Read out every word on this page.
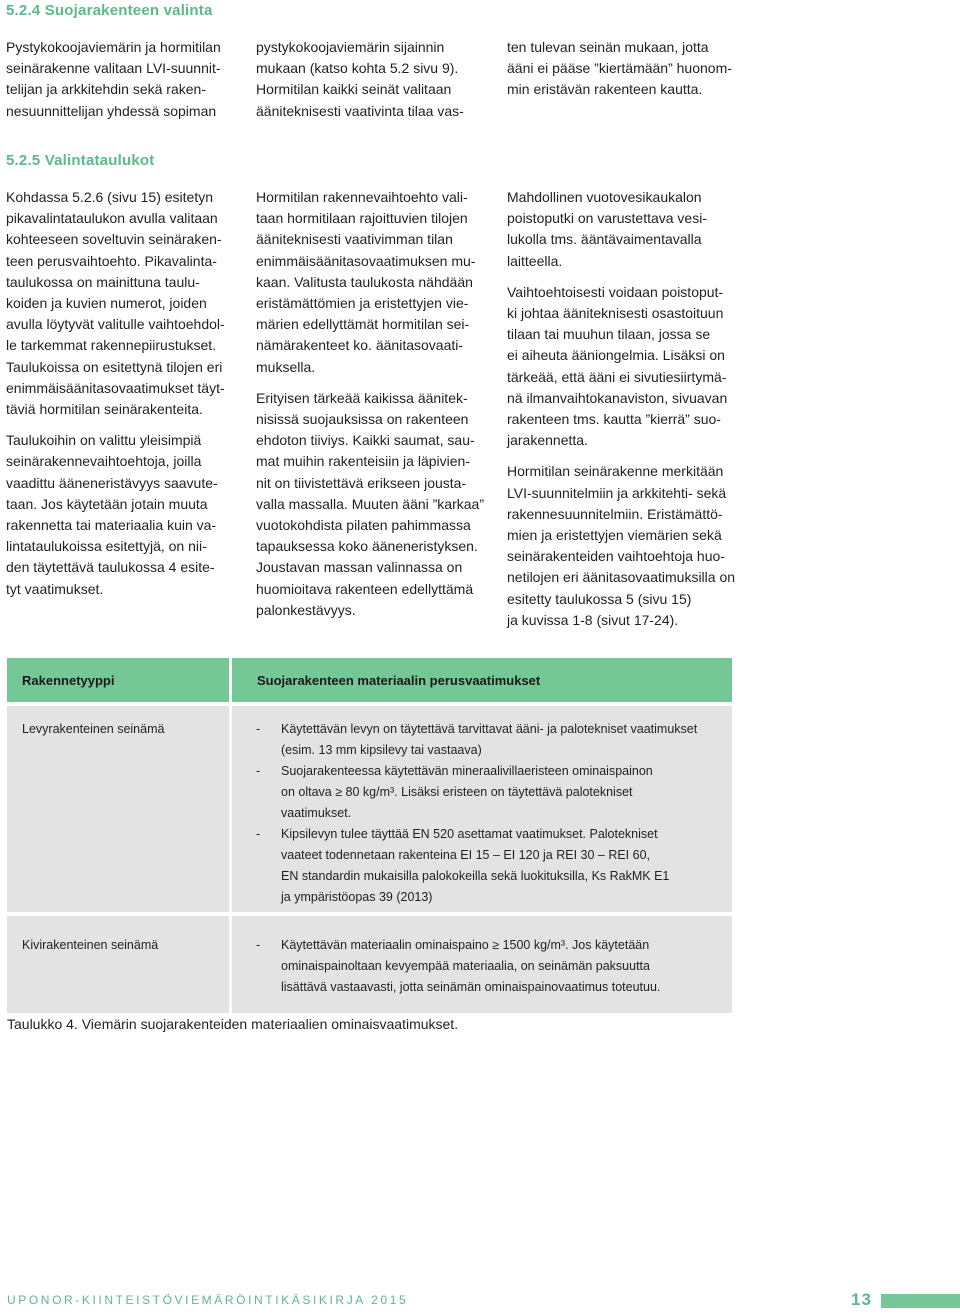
5.2.4 Suojarakenteen valinta

Pystykokoojaviemärin ja hormitilan
seinärakenne valitaan LVI-suunnit-
telijan ja arkkitehdin sekä raken-
nesuunnittelijan yhdessä sopiman

pystykokoojaviemärin sijainnin
mukaan (katso kohta 5.2 sivu 9).
Hormitilan kaikki seinät valitaan
ääniteknisesti vaativinta tilaa vas-

ten tulevan seinän mukaan, jotta
ääni ei pääse ”kiertämään” huonom-
min eristävän rakenteen kautta.

5.2.5 Valintataulukot

Kohdassa 5.2.6 (sivu 15) esitetyn
pikavalintataulukon avulla valitaan
kohteeseen soveltuvin seinäraken-
teen perusvaihtoehto. Pikavalinta-
taulukossa on mainittuna taulu-
koiden ja kuvien numerot, joiden
avulla löytyvät valitulle vaihtoehdol-
le tarkemmat rakennepiirustukset.
Taulukoissa on esitettynä tilojen eri
enimmäisäänitasovaatimukset täyt-
täviä hormitilan seinärakenteita.

Taulukoihin on valittu yleisimpiä
seinärakennevaihtoehtoja, joilla
vaadittu ääneneristävyys saavute-
taan. Jos käytetään jotain muuta
rakennetta tai materiaalia kuin va-
lintataulukoissa esitettyjä, on nii-
den täytettävä taulukossa 4 esite-
tyt vaatimukset.

Hormitilan rakennevaihtoehto vali-
taan hormitilaan rajoittuvien tilojen
ääniteknisesti vaativimman tilan
enimmäisäänitasovaatimuksen mu-
kaan. Valitusta taulukosta nähdään
eristämättömien ja eristettyjen vie-
märien edellyttämät hormitilan sei-
nämärakenteet ko. äänitasovaati-
muksella.

Erityisen tärkeää kaikissa äänitek-
nisissä suojauksissa on rakenteen
ehdoton tiiviys. Kaikki saumat, sau-
mat muihin rakenteisiin ja läpivien-
nit on tiivistettävä erikseen jousta-
valla massalla. Muuten ääni ”karkaa”
vuotokohdista pilaten pahimmassa
tapauksessa koko ääneneristyksen.
Joustavan massan valinnassa on
huomioitava rakenteen edellyttämä
palonkestävyys.

Mahdollinen vuotovesikaukalon
poistoputki on varustettava vesi-
lukolla tms. ääntävaimentavalla
laitteella.

Vaihtoehtoisesti voidaan poistoput-
ki johtaa ääniteknisesti osastoituun
tilaan tai muuhun tilaan, jossa se
ei aiheuta ääniongelmia. Lisäksi on
tärkeää, että ääni ei sivutiesiirtymä-
nä ilmanvaihtokanaviston, sivuavan
rakenteen tms. kautta ”kierrä” suo-
jarakennetta.

Hormitilan seinärakenne merkitään
LVI-suunnitelmiin ja arkkitehti- sekä
rakennesuunnitelmiin. Eristämättö-
mien ja eristettyjen viemärien sekä
seinärakenteiden vaihtoehtoja huo-
netilojen eri äänitasovaatimuksilla on
esitetty taulukossa 5 (sivu 15)
ja kuvissa 1-8 (sivut 17-24).

Rakennetyyppi	Suojarakenteen materiaalin perusvaatimukset
Levyrakenteinen seinämä	- Käytettävän levyn on täytettävä tarvittavat ääni- ja palotekniset vaatimukset
(esim. 13 mm kipsilevy tai vastaava)
- Suojarakenteessa käytettävän mineraalivillaeristeen ominaispainon
on oltava ≥ 80 kg/m³. Lisäksi eristeen on täytettävä palotekniset
vaatimukset.
- Kipsilevyn tulee täyttää EN 520 asettamat vaatimukset. Palotekniset
vaateet todennetaan rakenteina EI 15 – EI 120 ja REI 30 – REI 60,
EN standardin mukaisilla palokokeilla sekä luokituksilla, Ks RakMK E1
ja ympäristöopas 39 (2013)
Kivirakenteinen seinämä	- Käytettävän materiaalin ominaispaino ≥ 1500 kg/m³. Jos käytetään
ominaispainoltaan kevyempää materiaalia, on seinämän paksuutta
lisättävä vastaavasti, jotta seinämän ominaispainovaatimus toteutuu.
Taulukko 4. Viemärin suojarakenteiden materiaalien ominaisvaatimukset.
UPONOR-KIINTEISTÖVIEMÄRÖINTIKÄSIKIRJA 2015	13
